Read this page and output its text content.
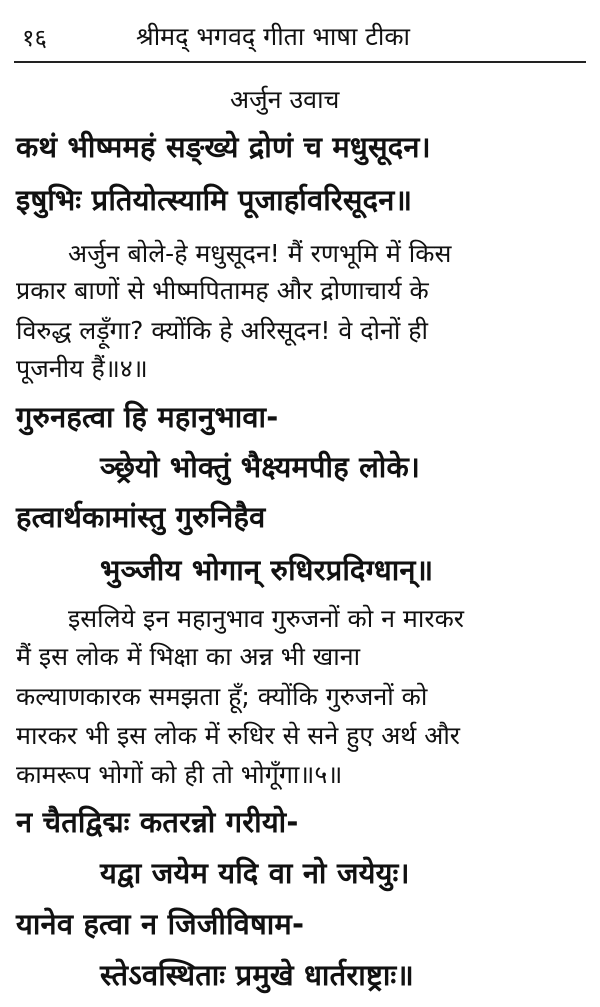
१६	श्रीमद् भगवद् गीता भाषा टीका
अर्जुन उवाच
कथं भीष्ममहं सङ्ख्ये द्रोणं च मधुसूदन।
इषुभिः प्रतियोत्स्यामि पूजार्हावरिसूदन॥
अर्जुन बोले-हे मधुसूदन! मैं रणभूमि में किस
प्रकार बाणों से भीष्मपितामह और द्रोणाचार्य के
विरुद्ध लड़ूँगा? क्योंकि हे अरिसूदन! वे दोनों ही
पूजनीय हैं॥४॥
गुरुनहत्वा हि महानुभावा-
ञ्छ्रेयो भोक्तुं भैक्ष्यमपीह लोके।
हत्वार्थकामांस्तु गुरुनिहैव
भुञ्जीय भोगान् रुधिरप्रदिग्धान्॥
इसलिये इन महानुभाव गुरुजनों को न मारकर
मैं इस लोक में भिक्षा का अन्न भी खाना
कल्याणकारक समझता हूँ; क्योंकि गुरुजनों को
मारकर भी इस लोक में रुधिर से सने हुए अर्थ और
कामरूप भोगों को ही तो भोगूँगा॥५॥
न चैतद्विद्मः कतरन्नो गरीयो-
यद्वा जयेम यदि वा नो जयेयुः।
यानेव हत्वा न जिजीविषाम-
स्तेऽवस्थिताः प्रमुखे धार्तराष्ट्राः॥
